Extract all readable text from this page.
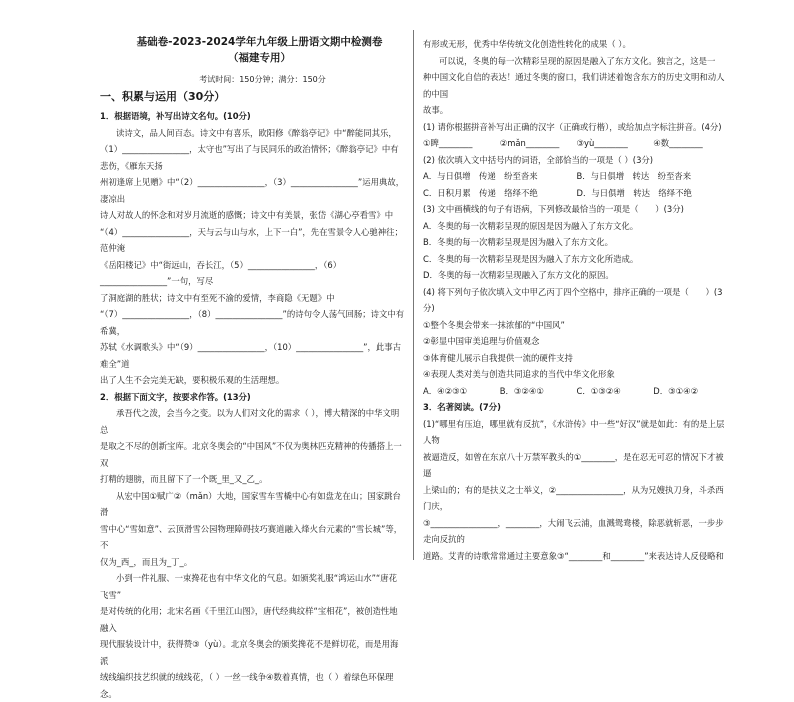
基础卷-2023-2024学年九年级上册语文期中检测卷
（福建专用）
考试时间：150分钟；满分：150分
一、积累与运用（30分）

1．根据语境，补写出诗文名句。(10分)

读诗文，品人间百态。诗文中有喜乐，欧阳修《醉翁亭记》中“醉能同其乐，

（1）________________，太守也”写出了与民同乐的政治情怀；《醉翁亭记》中有悲伤，《雁东天扬

州初逢席上见赠》中“（2）________________，（3）________________”运用典故，凄凉出

诗人对故人的怀念和对岁月流逝的感慨；诗文中有美景，张岱《湖心亭看雪》中

“（4）________________，天与云与山与水，上下一白”，先在雪景令人心驰神往；范仲淹

《岳阳楼记》中“街远山，吞长江，（5）________________，（6）________________”一句，写尽

了洞庭湖的胜状；诗文中有至死不渝的爱情，李商隐《无题》中

“（7）________________，（8）________________”的诗句令人荡气回肠；诗文中有希冀，

苏轼《水调歌头》中“（9）________________，（10）________________”，此事古难全”道

出了人生不会完美无缺，要积极乐观的生活理想。

2．根据下面文字，按要求作答。(13分)

承吾代之泼，会当今之变。以为人们对文化的需求（ ），博大精深的中华文明总

是取之不尽的创新宝库。北京冬奥会的“中国风”不仅为奥林匹克精神的传播搭上一双

打精的翅膀，而且留下了一个既_里_又_乙_。

从宏中国①赋广②（mǎn）大地，国家雪车雪橇中心有如盘龙在山；国家跳台滑

雪中心“雪如意”、云顶滑雪公园物理障碍技巧赛道融入烽火台元素的“雪长城”等，不

仅为_西_，而且为_丁_。

小到一件礼服、一束搀花也有中华文化的气息。如颁奖礼服“鸿运山水”“唐花飞雪”

是对传统的化用；北宋名画《千里江山图》，唐代经典纹样“宝相花”，被创造性地融入

现代服装设计中，获得赞③（yù）。北京冬奥会的颁奖搀花不是鲜切花，而是用海派

绒线编织技艺织就的绒线花，（ ）一丝一线争④数着真情，也（ ）着绿色环保理念。

有形或无形，优秀中华传统文化创造性转化的成果（ ）。

可以说，冬奥的每一次精彩呈现的原因是融入了东方文化。独言之，这是一

种中国文化自信的表达！通过冬奥的窗口，我们讲述着饱含东方的历史文明和动人的中国

故事。

(1) 请你根据拼音补写出正确的汉字（正确或行楷），或给加点字标注拼音。(4分)

①睥________	②mǎn________	③yù________	④数________

(2) 依次填入文中括号内的词语，全部恰当的一项是（ ）(3分)

A．与日俱增　传递　纷至沓来	B．与日俱增　转达　纷至沓来
C．日积月累　传递　络绎不绝	D．与日俱增　转达　络绎不绝

(3) 文中画横线的句子有语病，下列修改最恰当的一项是（　　）(3分)

A．冬奥的每一次精彩呈现的原因是因为融入了东方文化。

B．冬奥的每一次精彩呈现是因为融入了东方文化。

C．冬奥的每一次精彩呈现是因为融入了东方文化所造成。

D．冬奥的每一次精彩呈现融入了东方文化的原因。

(4) 将下列句子依次填入文中甲乙丙丁四个空格中，排序正确的一项是（　　）(3分)

①整个冬奥会带来一抹浓郁的“中国风”

②彰显中国审美追理与价值观念

③体育健儿展示自我提供一流的硬件支持

④表现人类对美与创造共同追求的当代中华文化形象

A．④②③①	B．③②④①	C．①③②④	D．③①④②

3．名著阅读。(7分)

(1)“哪里有压迫，哪里就有反抗”，《水浒传》中一些“好汉”就是如此：有的是上层人物

被逼造反，如曾在东京八十万禁军教头的①________，是在忍无可忍的情况下才被逼

上梁山的；有的是扶义之士举义，②________________，从为兄嫂执刀身，斗杀西门庆，

③________________，________，大闹飞云浦，血溅鸳鸯楼，除恶就斩恶，一步步走向反抗的

道路。艾青的诗歌常常通过主要意象③“________和________”来表达诗人反侵略和
